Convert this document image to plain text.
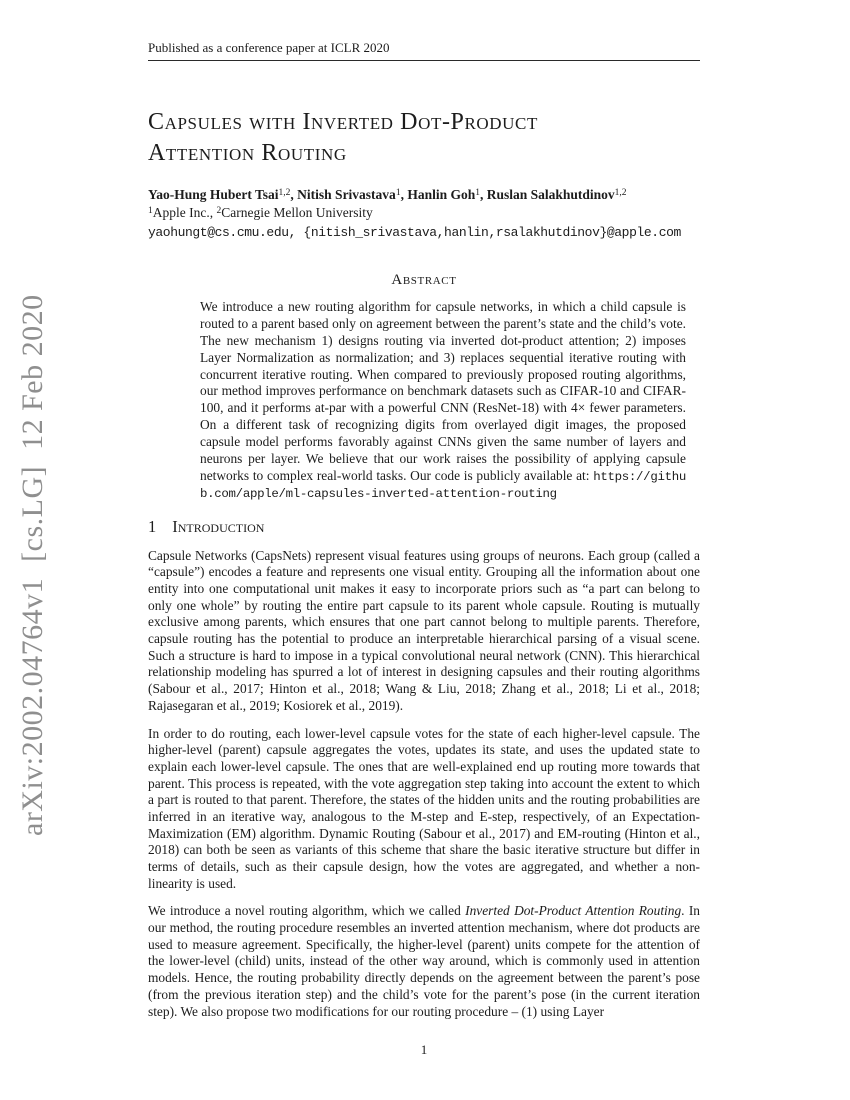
arXiv:2002.04764v1  [cs.LG]  12 Feb 2020
Published as a conference paper at ICLR 2020
Capsules with Inverted Dot-Product
Attention Routing
Yao-Hung Hubert Tsai$^{1,2}$, Nitish Srivastava$^1$, Hanlin Goh$^1$, Ruslan Salakhutdinov$^{1,2}$
$^1$Apple Inc., $^2$Carnegie Mellon University
yaohungt@cs.cmu.edu, {nitish_srivastava,hanlin,rsalakhutdinov}@apple.com
Abstract
We introduce a new routing algorithm for capsule networks, in which a child capsule is routed to a parent based only on agreement between the parent’s state and the child’s vote. The new mechanism 1) designs routing via inverted dot-product attention; 2) imposes Layer Normalization as normalization; and 3) replaces sequential iterative routing with concurrent iterative routing. When compared to previously proposed routing algorithms, our method improves performance on benchmark datasets such as CIFAR-10 and CIFAR-100, and it performs at-par with a powerful CNN (ResNet-18) with 4× fewer parameters. On a different task of recognizing digits from overlayed digit images, the proposed capsule model performs favorably against CNNs given the same number of layers and neurons per layer. We believe that our work raises the possibility of applying capsule networks to complex real-world tasks. Our code is publicly available at: https://github.com/apple/ml-capsules-inverted-attention-routing
1 Introduction
Capsule Networks (CapsNets) represent visual features using groups of neurons. Each group (called a “capsule”) encodes a feature and represents one visual entity. Grouping all the information about one entity into one computational unit makes it easy to incorporate priors such as “a part can belong to only one whole” by routing the entire part capsule to its parent whole capsule. Routing is mutually exclusive among parents, which ensures that one part cannot belong to multiple parents. Therefore, capsule routing has the potential to produce an interpretable hierarchical parsing of a visual scene. Such a structure is hard to impose in a typical convolutional neural network (CNN). This hierarchical relationship modeling has spurred a lot of interest in designing capsules and their routing algorithms (Sabour et al., 2017; Hinton et al., 2018; Wang & Liu, 2018; Zhang et al., 2018; Li et al., 2018; Rajasegaran et al., 2019; Kosiorek et al., 2019).
In order to do routing, each lower-level capsule votes for the state of each higher-level capsule. The higher-level (parent) capsule aggregates the votes, updates its state, and uses the updated state to explain each lower-level capsule. The ones that are well-explained end up routing more towards that parent. This process is repeated, with the vote aggregation step taking into account the extent to which a part is routed to that parent. Therefore, the states of the hidden units and the routing probabilities are inferred in an iterative way, analogous to the M-step and E-step, respectively, of an Expectation-Maximization (EM) algorithm. Dynamic Routing (Sabour et al., 2017) and EM-routing (Hinton et al., 2018) can both be seen as variants of this scheme that share the basic iterative structure but differ in terms of details, such as their capsule design, how the votes are aggregated, and whether a non-linearity is used.
We introduce a novel routing algorithm, which we called Inverted Dot-Product Attention Routing. In our method, the routing procedure resembles an inverted attention mechanism, where dot products are used to measure agreement. Specifically, the higher-level (parent) units compete for the attention of the lower-level (child) units, instead of the other way around, which is commonly used in attention models. Hence, the routing probability directly depends on the agreement between the parent’s pose (from the previous iteration step) and the child’s vote for the parent’s pose (in the current iteration step). We also propose two modifications for our routing procedure – (1) using Layer
1
